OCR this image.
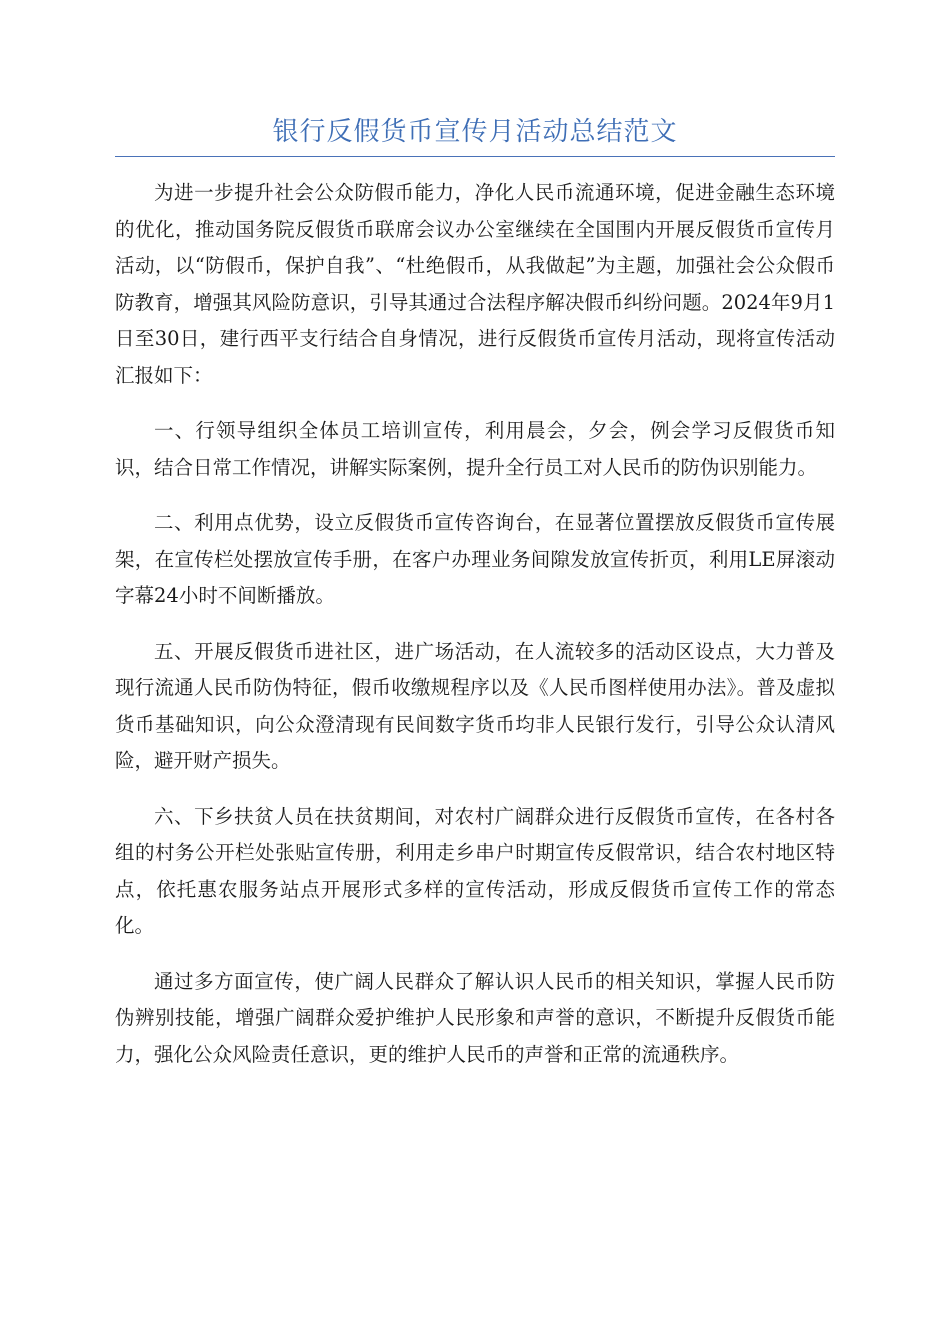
银行反假货币宣传月活动总结范文

为进一步提升社会公众防假币能力，净化人民币流通环境，促进金融生态环境的优化，推动国务院反假货币联席会议办公室继续在全国围内开展反假货币宣传月活动，以“防假币，保护自我”、“杜绝假币，从我做起”为主题，加强社会公众假币防教育，增强其风险防意识，引导其通过合法程序解决假币纠纷问题。2024年9月1日至30日，建行西平支行结合自身情况，进行反假货币宣传月活动，现将宣传活动汇报如下：

一、行领导组织全体员工培训宣传，利用晨会，夕会，例会学习反假货币知识，结合日常工作情况，讲解实际案例，提升全行员工对人民币的防伪识别能力。

二、利用点优势，设立反假货币宣传咨询台，在显著位置摆放反假货币宣传展架，在宣传栏处摆放宣传手册，在客户办理业务间隙发放宣传折页，利用LE屏滚动字幕24小时不间断播放。

五、开展反假货币进社区，进广场活动，在人流较多的活动区设点，大力普及现行流通人民币防伪特征，假币收缴规程序以及《人民币图样使用办法》。普及虚拟货币基础知识，向公众澄清现有民间数字货币均非人民银行发行，引导公众认清风险，避开财产损失。

六、下乡扶贫人员在扶贫期间，对农村广阔群众进行反假货币宣传，在各村各组的村务公开栏处张贴宣传册，利用走乡串户时期宣传反假常识，结合农村地区特点，依托惠农服务站点开展形式多样的宣传活动，形成反假货币宣传工作的常态化。

通过多方面宣传，使广阔人民群众了解认识人民币的相关知识，掌握人民币防伪辨别技能，增强广阔群众爱护维护人民形象和声誉的意识，不断提升反假货币能力，强化公众风险责任意识，更的维护人民币的声誉和正常的流通秩序。
